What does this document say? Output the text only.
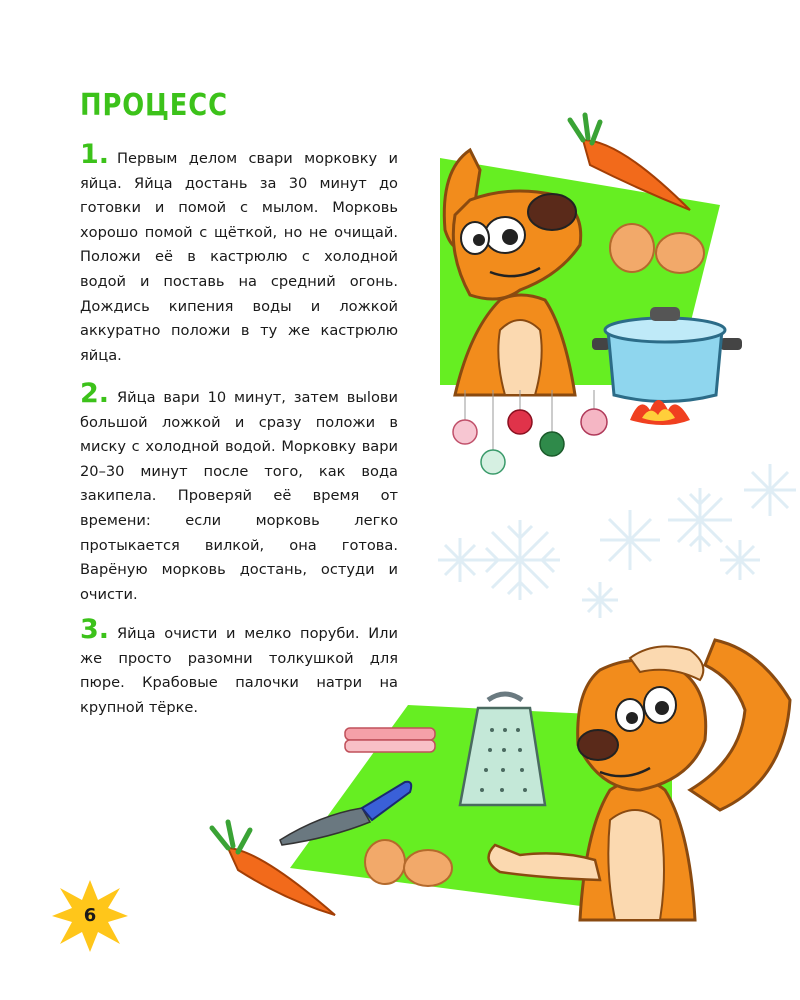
ПРОЦЕСС
1. Первым делом свари морковку и яйца. Яйца достань за 30 минут до готовки и помой с мылом. Морковь хорошо помой с щёткой, но не очищай. Положи её в кастрюлю с холодной водой и поставь на средний огонь. Дождись кипения воды и ложкой аккуратно положи в ту же кастрюлю яйца.
2. Яйца вари 10 минут, затем выlови большой ложкой и сразу положи в миску с холодной водой. Морковку вари 20–30 минут после того, как вода закипела. Проверяй её время от времени: если морковь легко протыкается вилкой, она готова. Варёную морковь достань, остуди и очисти.
3. Яйца очисти и мелко поруби. Или же просто разомни толкушкой для пюре. Крабовые палочки натри на крупной тёрке.
6
